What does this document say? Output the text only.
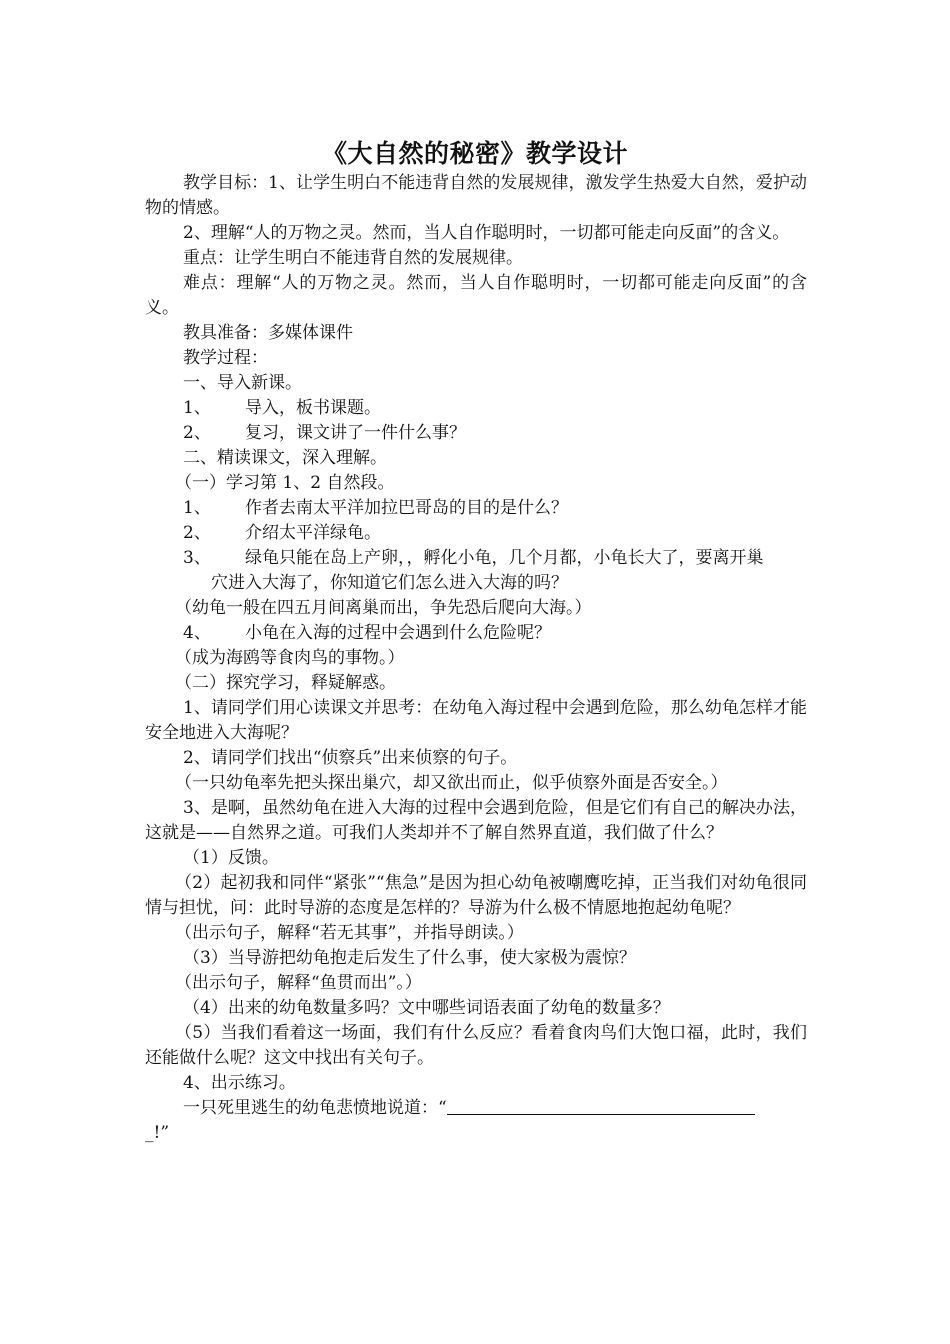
《大自然的秘密》教学设计

教学目标：1、让学生明白不能违背自然的发展规律，激发学生热爱大自然，爱护动物的情感。

2、理解“人的万物之灵。然而，当人自作聪明时，一切都可能走向反面”的含义。

重点：让学生明白不能违背自然的发展规律。

难点：理解“人的万物之灵。然而，当人自作聪明时，一切都可能走向反面”的含义。

教具准备：多媒体课件

教学过程：

一、导入新课。

1、	导入，板书课题。
2、	复习，课文讲了一件什么事？

二、精读课文，深入理解。

（一）学习第 1、2 自然段。

1、	作者去南太平洋加拉巴哥岛的目的是什么？
2、	介绍太平洋绿龟。
3、	绿龟只能在岛上产卵，，孵化小龟，几个月都，小龟长大了，要离开巢

穴进入大海了，你知道它们怎么进入大海的吗？

（幼龟一般在四五月间离巢而出，争先恐后爬向大海。）

4、	小龟在入海的过程中会遇到什么危险呢？

（成为海鸥等食肉鸟的事物。）

（二）探究学习，释疑解惑。

1、请同学们用心读课文并思考：在幼龟入海过程中会遇到危险，那么幼龟怎样才能安全地进入大海呢？

2、请同学们找出“侦察兵”出来侦察的句子。

（一只幼龟率先把头探出巢穴，却又欲出而止，似乎侦察外面是否安全。）

3、是啊，虽然幼龟在进入大海的过程中会遇到危险，但是它们有自己的解决办法，这就是——自然界之道。可我们人类却并不了解自然界直道，我们做了什么？

（1）反馈。

（2）起初我和同伴“紧张”“焦急”是因为担心幼龟被嘲鹰吃掉，正当我们对幼龟很同情与担忧，问：此时导游的态度是怎样的？导游为什么极不情愿地抱起幼龟呢？

（出示句子，解释“若无其事”，并指导朗读。）

（3）当导游把幼龟抱走后发生了什么事，使大家极为震惊？

（出示句子，解释“鱼贯而出”。）

（4）出来的幼龟数量多吗？文中哪些词语表面了幼龟的数量多？

（5）当我们看着这一场面，我们有什么反应？看着食肉鸟们大饱口福，此时，我们还能做什么呢？这文中找出有关句子。

4、出示练习。

一只死里逃生的幼龟悲愤地说道：“

_!”
